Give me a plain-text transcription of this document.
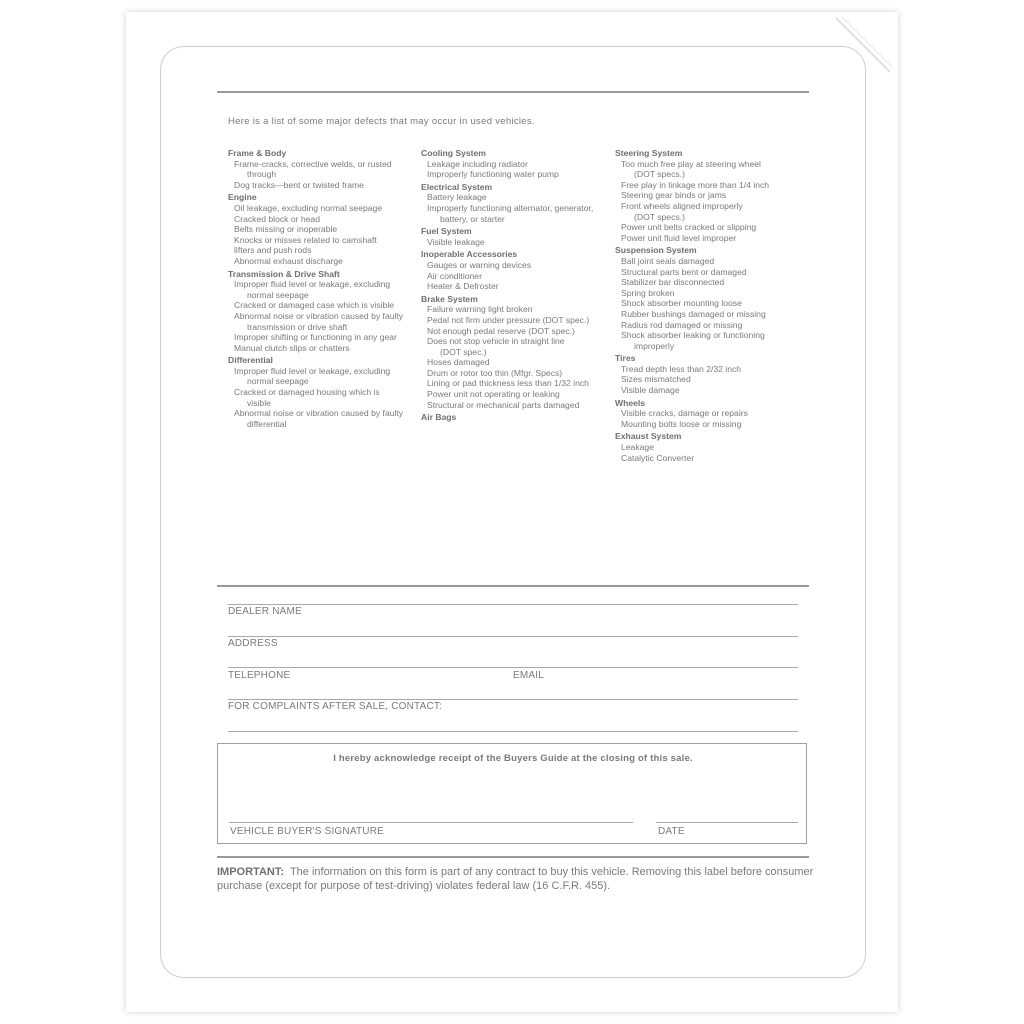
Here is a list of some major defects that may occur in used vehicles.
Frame & Body
Frame-cracks, corrective welds, or rusted
through
Dog tracks—bent or twisted frame
Engine
Oil leakage, excluding normal seepage
Cracked block or head
Belts missing or inoperable
Knocks or misses related to camshaft
lifters and push rods
Abnormal exhaust discharge
Transmission & Drive Shaft
Improper fluid level or leakage, excluding
normal seepage
Cracked or damaged case which is visible
Abnormal noise or vibration caused by faulty
transmission or drive shaft
Improper shifting or functioning in any gear
Manual clutch slips or chatters
Differential
Improper fluid level or leakage, excluding
normal seepage
Cracked or damaged housing which is
visible
Abnormal noise or vibration caused by faulty
differential
Cooling System
Leakage including radiator
Improperly functioning water pump
Electrical System
Battery leakage
Improperly functioning alternator, generator,
battery, or starter
Fuel System
Visible leakage
Inoperable Accessories
Gauges or warning devices
Air conditioner
Heater & Defroster
Brake System
Failure warning light broken
Pedal not firm under pressure (DOT spec.)
Not enough pedal reserve (DOT spec.)
Does not stop vehicle in straight line
(DOT spec.)
Hoses damaged
Drum or rotor too thin (Mfgr. Specs)
Lining or pad thickness less than 1/32 inch
Power unit not operating or leaking
Structural or mechanical parts damaged
Air Bags
Steering System
Too much free play at steering wheel
(DOT specs.)
Free play in linkage more than 1/4 inch
Steering gear binds or jams
Front wheels aligned improperly
(DOT specs.)
Power unit belts cracked or slipping
Power unit fluid level improper
Suspension System
Ball joint seals damaged
Structural parts bent or damaged
Stabilizer bar disconnected
Spring broken
Shock absorber mounting loose
Rubber bushings damaged or missing
Radius rod damaged or missing
Shock absorber leaking or functioning
improperly
Tires
Tread depth less than 2/32 inch
Sizes mismatched
Visible damage
Wheels
Visible cracks, damage or repairs
Mounting bolts loose or missing
Exhaust System
Leakage
Catalytic Converter
DEALER NAME
ADDRESS
TELEPHONE	EMAIL
FOR COMPLAINTS AFTER SALE, CONTACT:
I hereby acknowledge receipt of the Buyers Guide at the closing of this sale.
VEHICLE BUYER'S SIGNATURE	DATE
IMPORTANT: The information on this form is part of any contract to buy this vehicle. Removing this label before consumer purchase (except for purpose of test-driving) violates federal law (16 C.F.R. 455).
